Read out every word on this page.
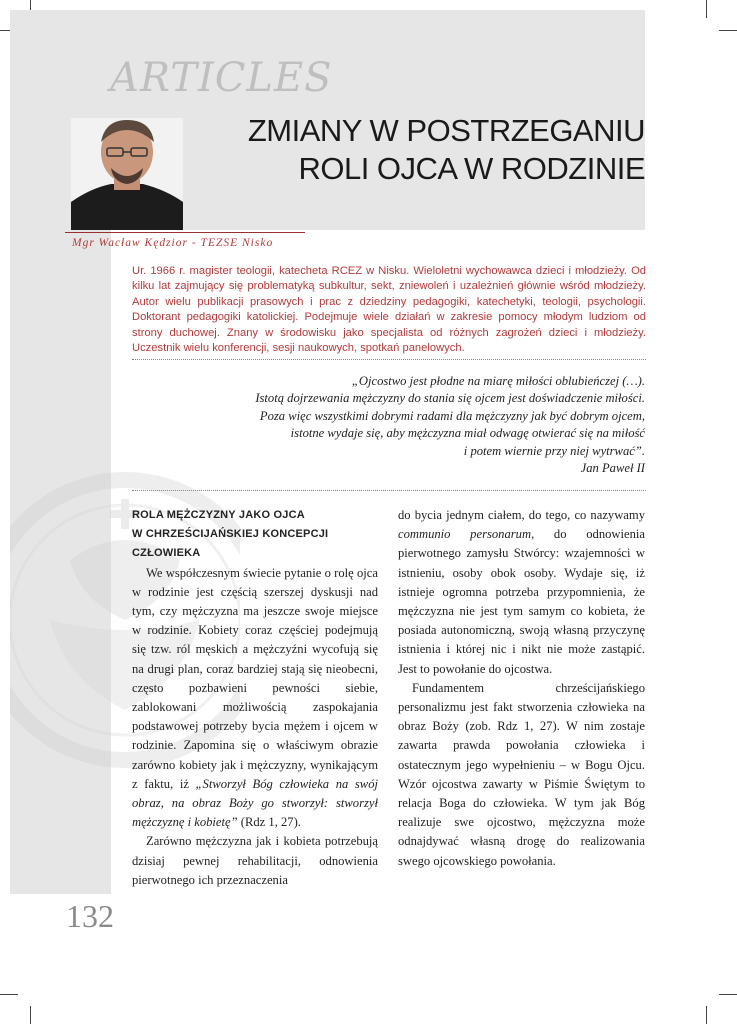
ARTICLES
ZMIANY W POSTRZEGANIU
ROLI OJCA W RODZINIE
Mgr Wacław Kędzior - TEZSE Nisko
Ur. 1966 r. magister teologii, katecheta RCEZ w Nisku. Wieloletni wychowawca dzieci i młodzieży. Od kilku lat zajmujący się problematyką subkultur, sekt, zniewoleń i uzależnień głównie wśród młodzieży. Autor wielu publikacji prasowych i prac z dziedziny pedagogiki, katechetyki, teologii, psychologii. Doktorant pedagogiki katolickiej. Podejmuje wiele działań w zakresie pomocy młodym ludziom od strony duchowej. Znany w środowisku jako specjalista od różnych zagrożeń dzieci i młodzieży. Uczestnik wielu konferencji, sesji naukowych, spotkań panelowych.
„Ojcostwo jest płodne na miarę miłości oblubieńczej (…).
Istotą dojrzewania mężczyzny do stania się ojcem jest doświadczenie miłości.
Poza więc wszystkimi dobrymi radami dla mężczyzny jak być dobrym ojcem,
istotne wydaje się, aby mężczyzna miał odwagę otwierać się na miłość
i potem wiernie przy niej wytrwać”.
Jan Paweł II
ROLA MĘŻCZYZNY JAKO OJCA
W CHRZEŚCIJAŃSKIEJ KONCEPCJI
CZŁOWIEKA

We współczesnym świecie pytanie o rolę ojca w rodzinie jest częścią szerszej dyskusji nad tym, czy mężczyzna ma jeszcze swoje miejsce w rodzinie. Kobiety coraz częściej podejmują się tzw. ról męskich a mężczyźni wycofują się na drugi plan, coraz bardziej stają się nieobecni, często pozbawieni pewności siebie, zablokowani możliwością zaspokajania podstawowej potrzeby bycia mężem i ojcem w rodzinie. Zapomina się o właściwym obrazie zarówno kobiety jak i mężczyzny, wynikającym z faktu, iż „Stworzył Bóg człowieka na swój obraz, na obraz Boży go stworzył: stworzył mężczyznę i kobietę” (Rdz 1, 27).

Zarówno mężczyzna jak i kobieta potrzebują dzisiaj pewnej rehabilitacji, odnowienia pierwotnego ich przeznaczenia

do bycia jednym ciałem, do tego, co nazywamy communio personarum, do odnowienia pierwotnego zamysłu Stwórcy: wzajemności w istnieniu, osoby obok osoby. Wydaje się, iż istnieje ogromna potrzeba przypomnienia, że mężczyzna nie jest tym samym co kobieta, że posiada autonomiczną, swoją własną przyczynę istnienia i której nic i nikt nie może zastąpić. Jest to powołanie do ojcostwa.

Fundamentem chrześcijańskiego personalizmu jest fakt stworzenia człowieka na obraz Boży (zob. Rdz 1, 27). W nim zostaje zawarta prawda powołania człowieka i ostatecznym jego wypełnieniu – w Bogu Ojcu. Wzór ojcostwa zawarty w Piśmie Świętym to relacja Boga do człowieka. W tym jak Bóg realizuje swe ojcostwo, mężczyzna może odnajdywać własną drogę do realizowania swego ojcowskiego powołania.

132
